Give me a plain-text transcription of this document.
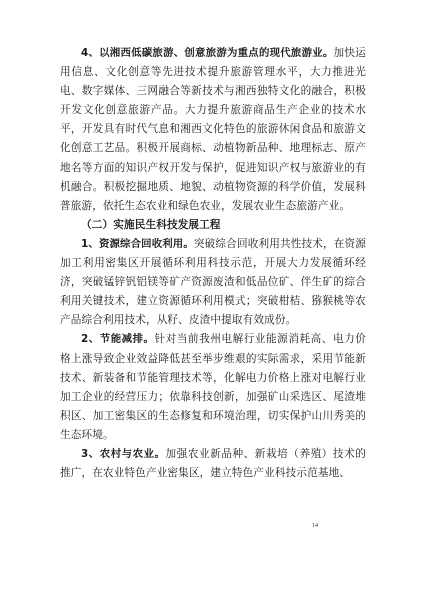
4、以湘西低碳旅游、创意旅游为重点的现代旅游业。加快运用信息、文化创意等先进技术提升旅游管理水平，大力推进光电、数字媒体、三网融合等新技术与湘西独特文化的融合，积极开发文化创意旅游产品。大力提升旅游商品生产企业的技术水平，开发具有时代气息和湘西文化特色的旅游休闲食品和旅游文化创意工艺品。积极开展商标、动植物新品种、地理标志、原产地名等方面的知识产权开发与保护，促进知识产权与旅游业的有机融合。积极挖掘地质、地貌、动植物资源的科学价值，发展科普旅游，依托生态农业和绿色农业，发展农业生态旅游产业。

（二）实施民生科技发展工程

1、资源综合回收利用。突破综合回收利用共性技术，在资源加工利用密集区开展循环利用科技示范，开展大力发展循环经济，突破锰锌钒铝镁等矿产资源废渣和低品位矿、伴生矿的综合利用关键技术，建立资源循环利用模式；突破柑桔、猕猴桃等农产品综合利用技术，从籽、皮渣中提取有效成份。

2、节能减排。针对当前我州电解行业能源消耗高、电力价格上涨导致企业效益降低甚至举步维艰的实际需求，采用节能新技术、新装备和节能管理技术等，化解电力价格上涨对电解行业加工企业的经营压力；依靠科技创新，加强矿山采选区、尾渣堆积区、加工密集区的生态修复和环境治理，切实保护山川秀美的生态环境。

3、农村与农业。加强农业新品种、新栽培（养殖）技术的推广，在农业特色产业密集区，建立特色产业科技示范基地、

14
